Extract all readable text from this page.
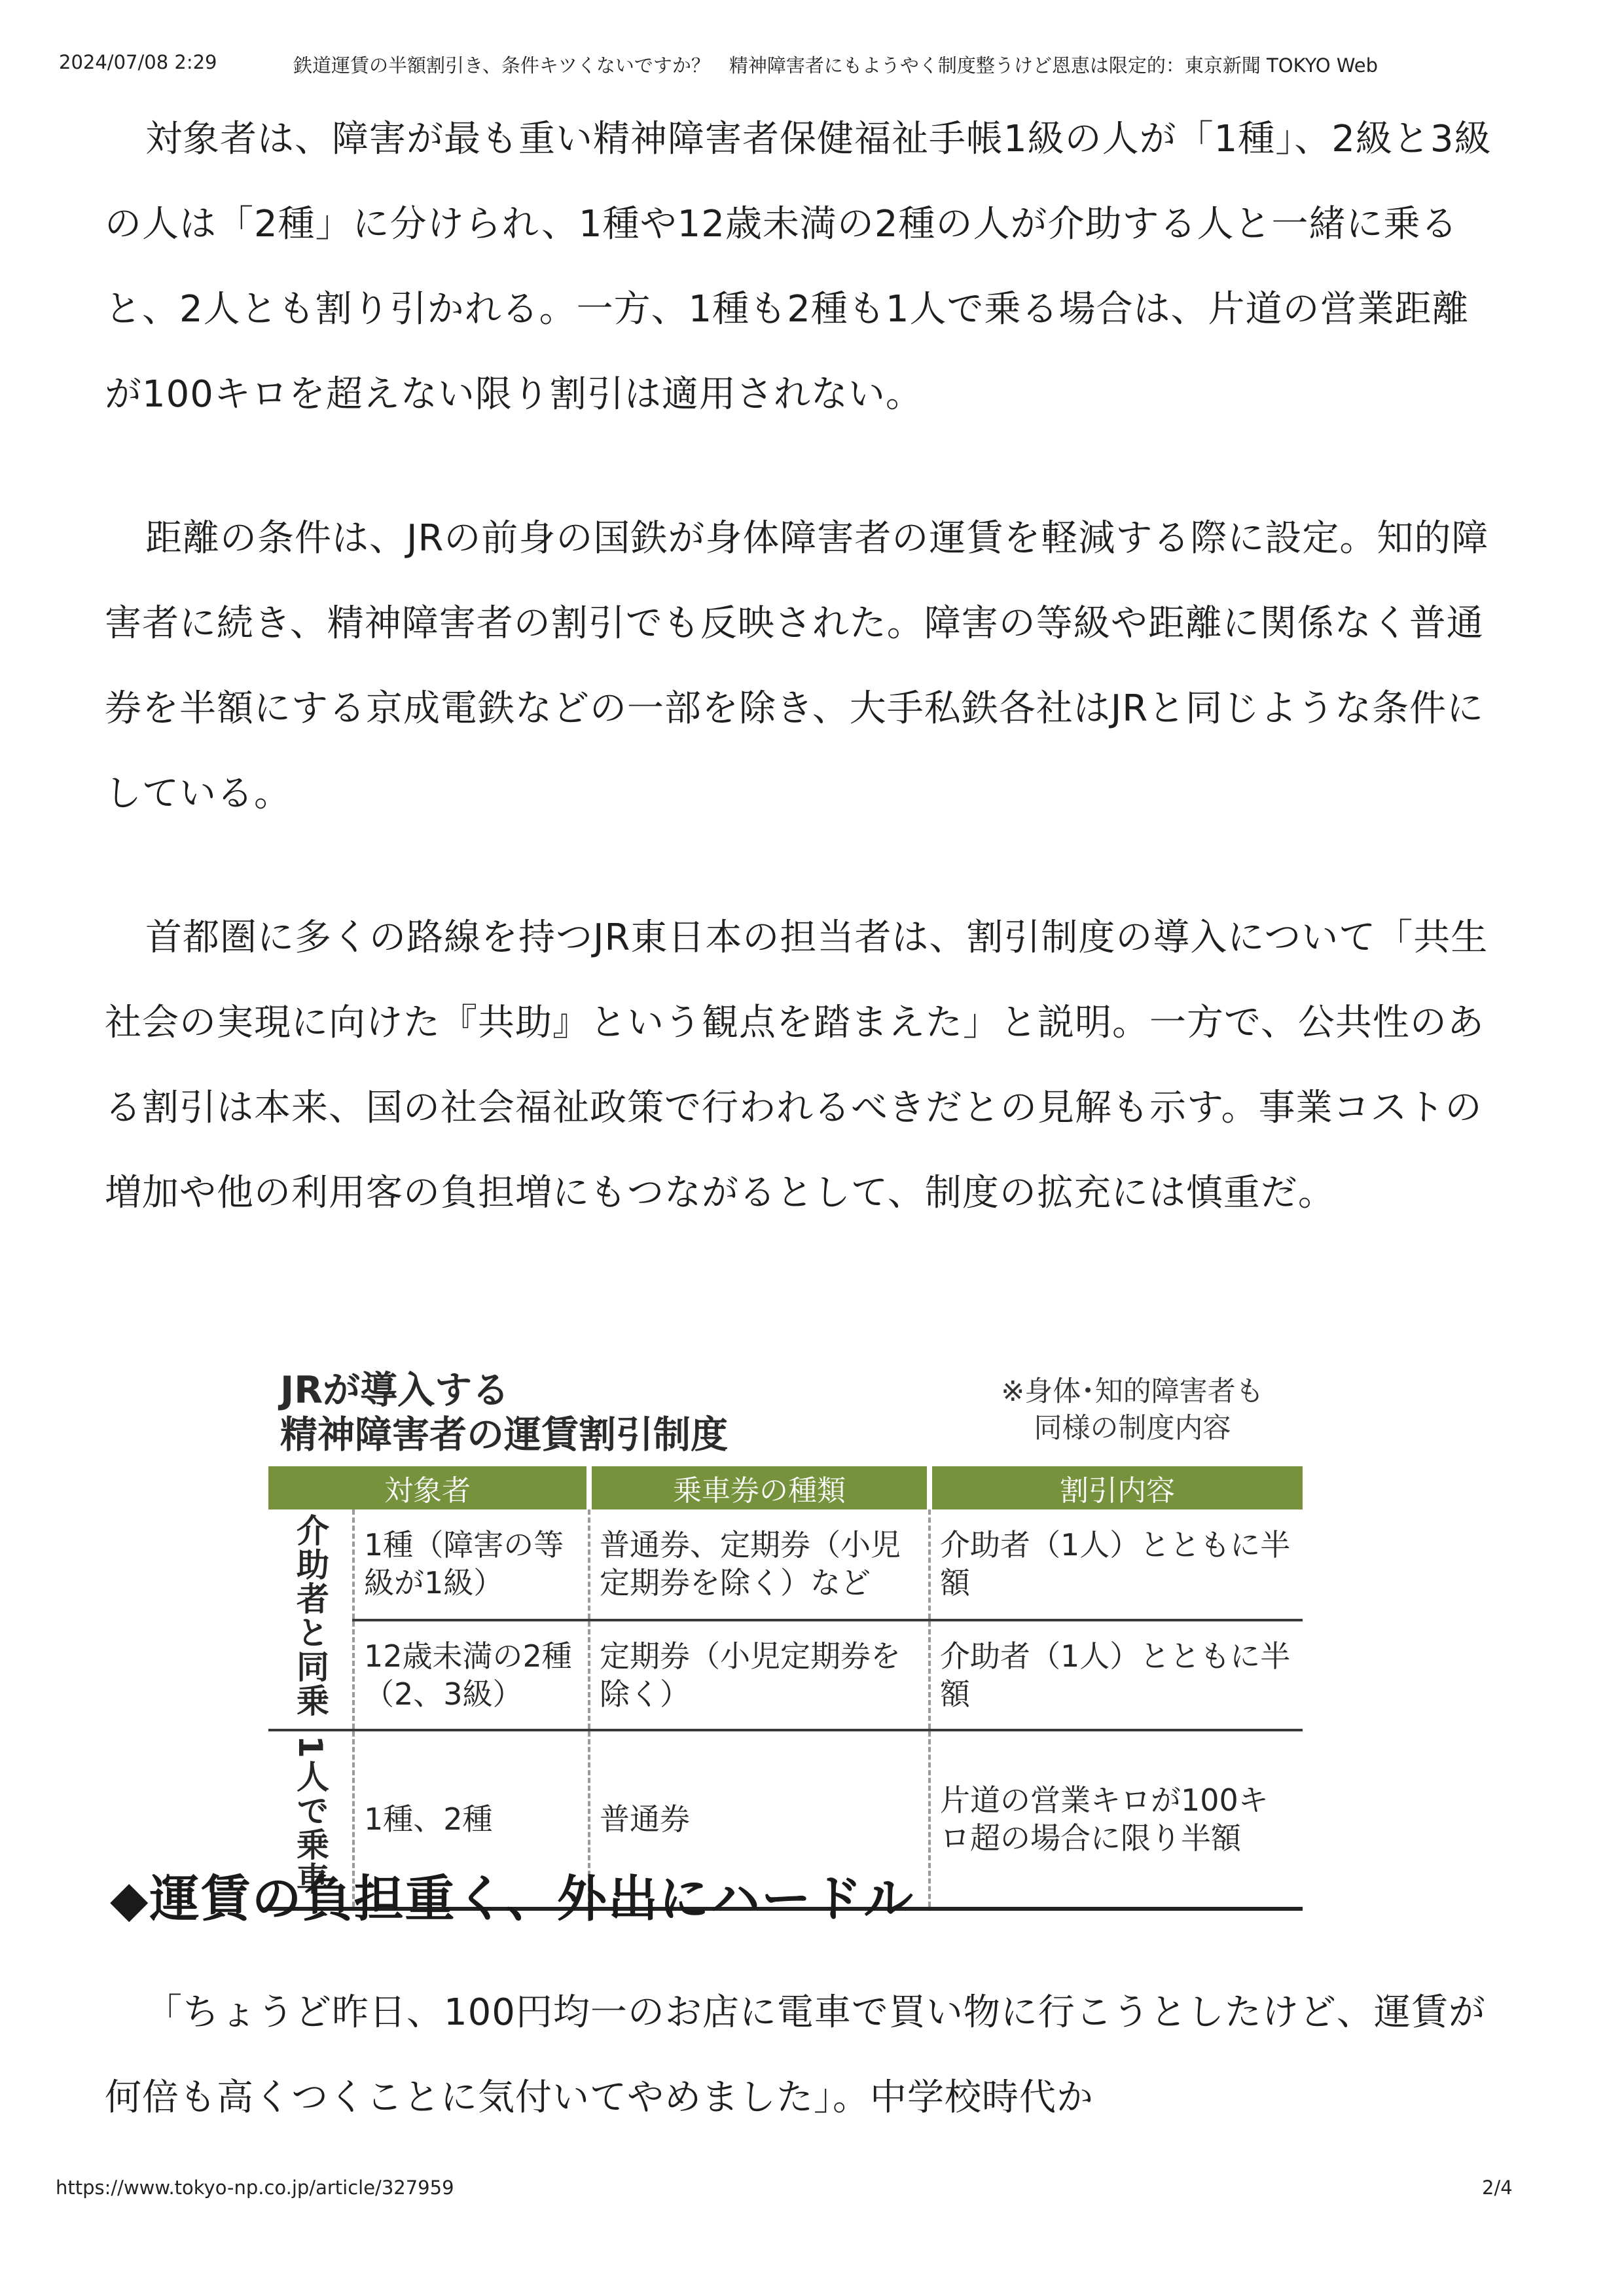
2024/07/08 2:29	鉄道運賃の半額割引き、条件キツくないですか？　精神障害者にもようやく制度整うけど恩恵は限定的：東京新聞 TOKYO Web

対象者は、障害が最も重い精神障害者保健福祉手帳1級の人が「1種」、2級と3級の人は「2種」に分けられ、1種や12歳未満の2種の人が介助する人と一緒に乗ると、2人とも割り引かれる。一方、1種も2種も1人で乗る場合は、片道の営業距離が100キロを超えない限り割引は適用されない。

距離の条件は、JRの前身の国鉄が身体障害者の運賃を軽減する際に設定。知的障害者に続き、精神障害者の割引でも反映された。障害の等級や距離に関係なく普通券を半額にする京成電鉄などの一部を除き、大手私鉄各社はJRと同じような条件にしている。

首都圏に多くの路線を持つJR東日本の担当者は、割引制度の導入について「共生社会の実現に向けた『共助』という観点を踏まえた」と説明。一方で、公共性のある割引は本来、国の社会福祉政策で行われるべきだとの見解も示す。事業コストの増加や他の利用客の負担増にもつながるとして、制度の拡充には慎重だ。

JRが導入する
精神障害者の運賃割引制度
※身体･知的障害者も
同様の制度内容
対象者		乗車券の種類	割引内容
介助者と同乗	1種（障害の等級が1級）	普通券、定期券（小児定期券を除く）など	介助者（1人）とともに半額
	12歳未満の2種（2、3級）	定期券（小児定期券を除く）	介助者（1人）とともに半額
1人で乗車	1種、2種	普通券	片道の営業キロが100キロ超の場合に限り半額
◆運賃の負担重く、外出にハードル

「ちょうど昨日、100円均一のお店に電車で買い物に行こうとしたけど、運賃が何倍も高くつくことに気付いてやめました」。中学校時代か

https://www.tokyo-np.co.jp/article/327959	2/4
